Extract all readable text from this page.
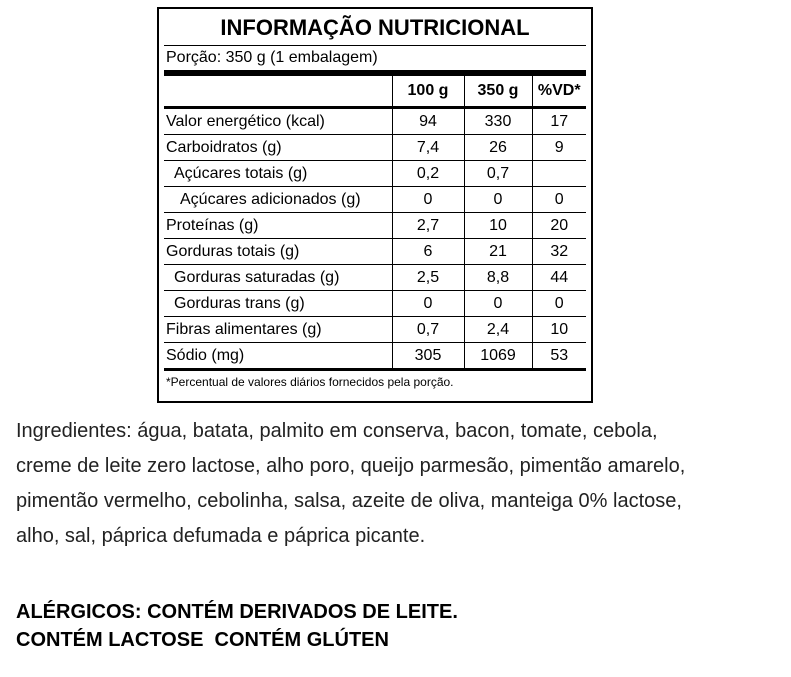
INFORMAÇÃO NUTRICIONAL
Porção: 350 g (1 embalagem)
	100 g	350 g	%VD*
Valor energético (kcal)	94	330	17
Carboidratos (g)	7,4	26	9
Açúcares totais (g)	0,2	0,7	
Açúcares adicionados (g)	0	0	0
Proteínas (g)	2,7	10	20
Gorduras totais (g)	6	21	32
Gorduras saturadas (g)	2,5	8,8	44
Gorduras trans (g)	0	0	0
Fibras alimentares (g)	0,7	2,4	10
Sódio (mg)	305	1069	53
*Percentual de valores diários fornecidos pela porção.

Ingredientes: água, batata, palmito em conserva, bacon, tomate, cebola, creme de leite zero lactose, alho poro, queijo parmesão, pimentão amarelo, pimentão vermelho, cebolinha, salsa, azeite de oliva, manteiga 0% lactose, alho, sal, páprica defumada e páprica picante.

ALÉRGICOS: CONTÉM DERIVADOS DE LEITE.
CONTÉM LACTOSE  CONTÉM GLÚTEN
